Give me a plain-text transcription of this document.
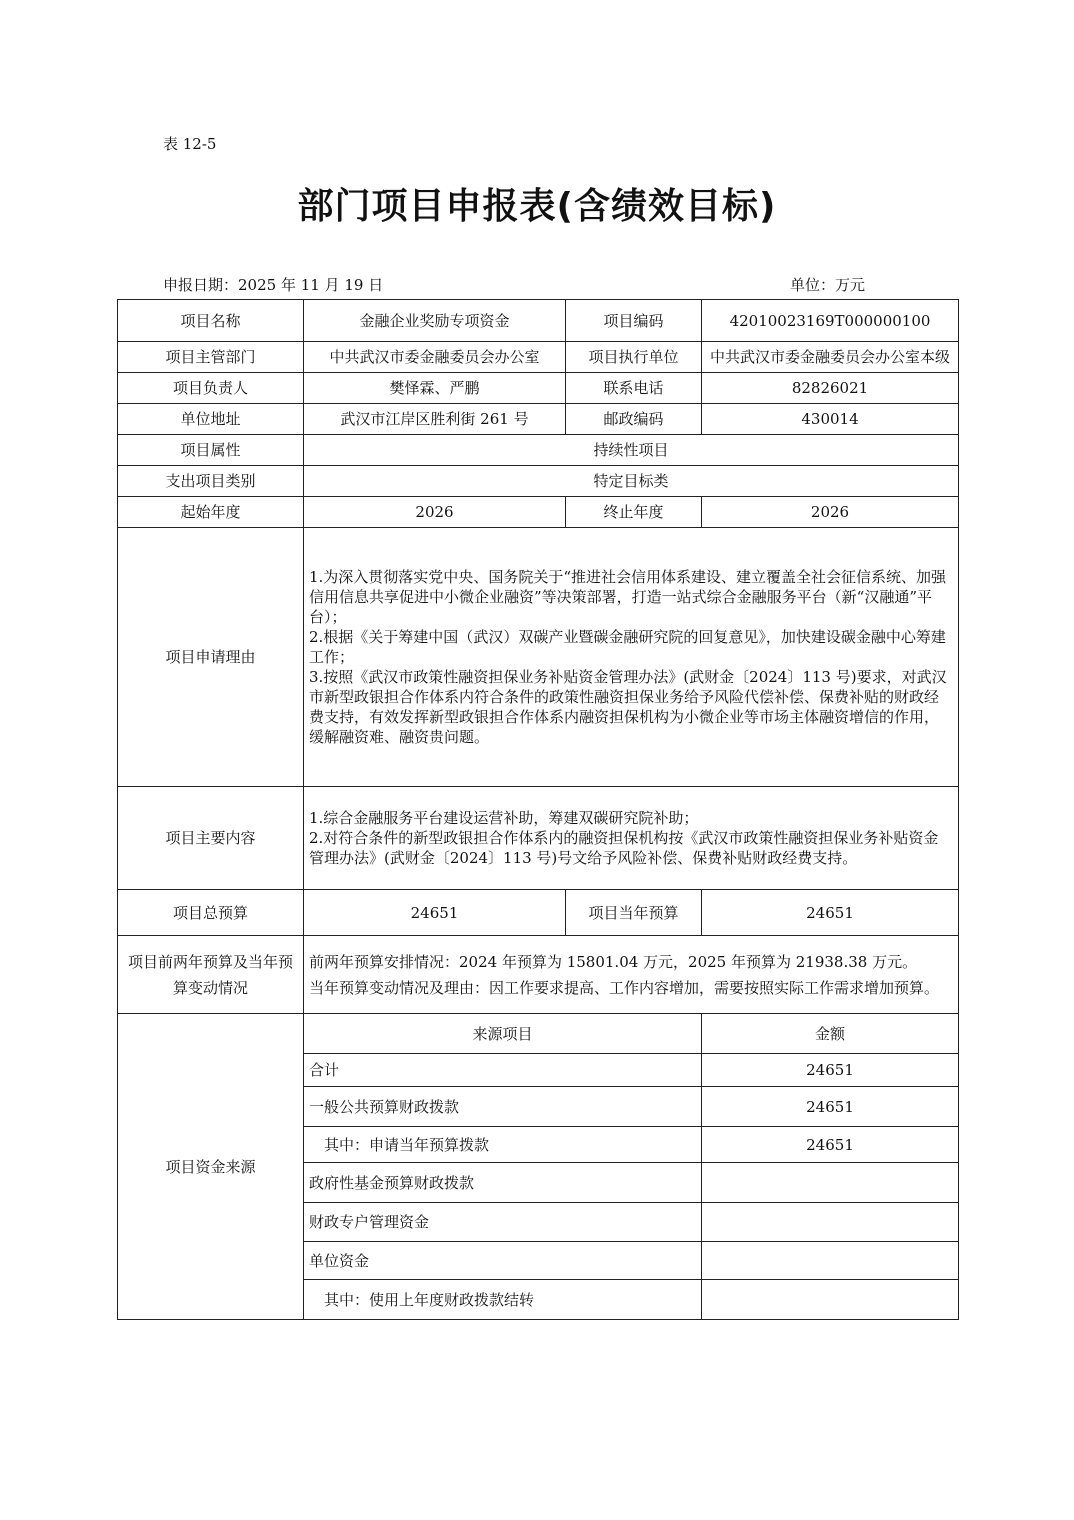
表 12-5
部门项目申报表(含绩效目标)
申报日期：2025 年 11 月 19 日	单位：万元
项目名称	金融企业奖励专项资金	项目编码	42010023169T000000100
项目主管部门	中共武汉市委金融委员会办公室	项目执行单位	中共武汉市委金融委员会办公室本级
项目负责人	樊怿霖、严鹏	联系电话	82826021
单位地址	武汉市江岸区胜利街 261 号	邮政编码	430014
项目属性	持续性项目		
支出项目类别	特定目标类		
起始年度	2026	终止年度	2026
项目申请理由	1.为深入贯彻落实党中央、国务院关于“推进社会信用体系建设、建立覆盖全社会征信系统、加强信用信息共享促进中小微企业融资”等决策部署，打造一站式综合金融服务平台（新“汉融通”平台）；
2.根据《关于筹建中国（武汉）双碳产业暨碳金融研究院的回复意见》，加快建设碳金融中心筹建工作；
3.按照《武汉市政策性融资担保业务补贴资金管理办法》(武财金〔2024〕113 号)要求，对武汉市新型政银担合作体系内符合条件的政策性融资担保业务给予风险代偿补偿、保费补贴的财政经费支持，有效发挥新型政银担合作体系内融资担保机构为小微企业等市场主体融资增信的作用，缓解融资难、融资贵问题。		

项目主要内容	1.综合金融服务平台建设运营补助，筹建双碳研究院补助；
2.对符合条件的新型政银担合作体系内的融资担保机构按《武汉市政策性融资担保业务补贴资金管理办法》(武财金〔2024〕113 号)号文给予风险补偿、保费补贴财政经费支持。		

项目总预算	24651	项目当年预算	24651
项目前两年预算及当年预算变动情况	前两年预算安排情况：2024 年预算为 15801.04 万元，2025 年预算为 21938.38 万元。
当年预算变动情况及理由：因工作要求提高、工作内容增加，需要按照实际工作需求增加预算。		

项目资金来源	来源项目		金额
	合计		24651
	一般公共预算财政拨款		24651
	其中：申请当年预算拨款		24651
	政府性基金预算财政拨款		
	财政专户管理资金		
	单位资金		
	其中：使用上年度财政拨款结转		
